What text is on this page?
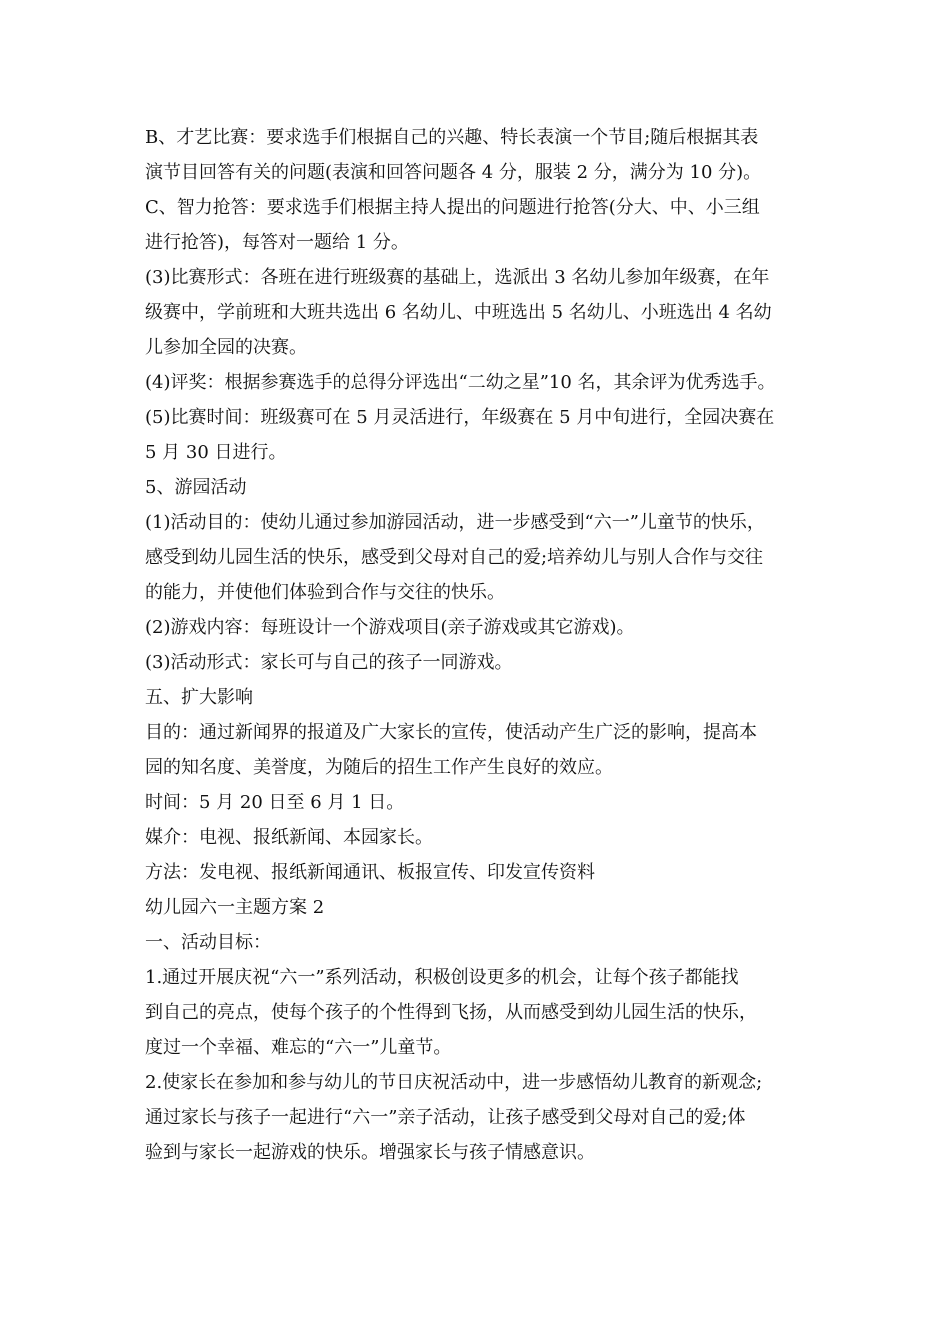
B、才艺比赛：要求选手们根据自己的兴趣、特长表演一个节目;随后根据其表
演节目回答有关的问题(表演和回答问题各 4 分，服装 2 分，满分为 10 分)。
C、智力抢答：要求选手们根据主持人提出的问题进行抢答(分大、中、小三组
进行抢答)，每答对一题给 1 分。
(3)比赛形式：各班在进行班级赛的基础上，选派出 3 名幼儿参加年级赛，在年
级赛中，学前班和大班共选出 6 名幼儿、中班选出 5 名幼儿、小班选出 4 名幼
儿参加全园的决赛。
(4)评奖：根据参赛选手的总得分评选出“二幼之星”10 名，其余评为优秀选手。
(5)比赛时间：班级赛可在 5 月灵活进行，年级赛在 5 月中旬进行，全园决赛在
5 月 30 日进行。
5、游园活动
(1)活动目的：使幼儿通过参加游园活动，进一步感受到“六一”儿童节的快乐，
感受到幼儿园生活的快乐，感受到父母对自己的爱;培养幼儿与别人合作与交往
的能力，并使他们体验到合作与交往的快乐。
(2)游戏内容：每班设计一个游戏项目(亲子游戏或其它游戏)。
(3)活动形式：家长可与自己的孩子一同游戏。
五、扩大影响
目的：通过新闻界的报道及广大家长的宣传，使活动产生广泛的影响，提高本
园的知名度、美誉度，为随后的招生工作产生良好的效应。
时间：5 月 20 日至 6 月 1 日。
媒介：电视、报纸新闻、本园家长。
方法：发电视、报纸新闻通讯、板报宣传、印发宣传资料
幼儿园六一主题方案 2
一、活动目标：
1.通过开展庆祝“六一”系列活动，积极创设更多的机会，让每个孩子都能找
到自己的亮点，使每个孩子的个性得到飞扬，从而感受到幼儿园生活的快乐，
度过一个幸福、难忘的“六一”儿童节。
2.使家长在参加和参与幼儿的节日庆祝活动中，进一步感悟幼儿教育的新观念;
通过家长与孩子一起进行“六一”亲子活动，让孩子感受到父母对自己的爱;体
验到与家长一起游戏的快乐。增强家长与孩子情感意识。
